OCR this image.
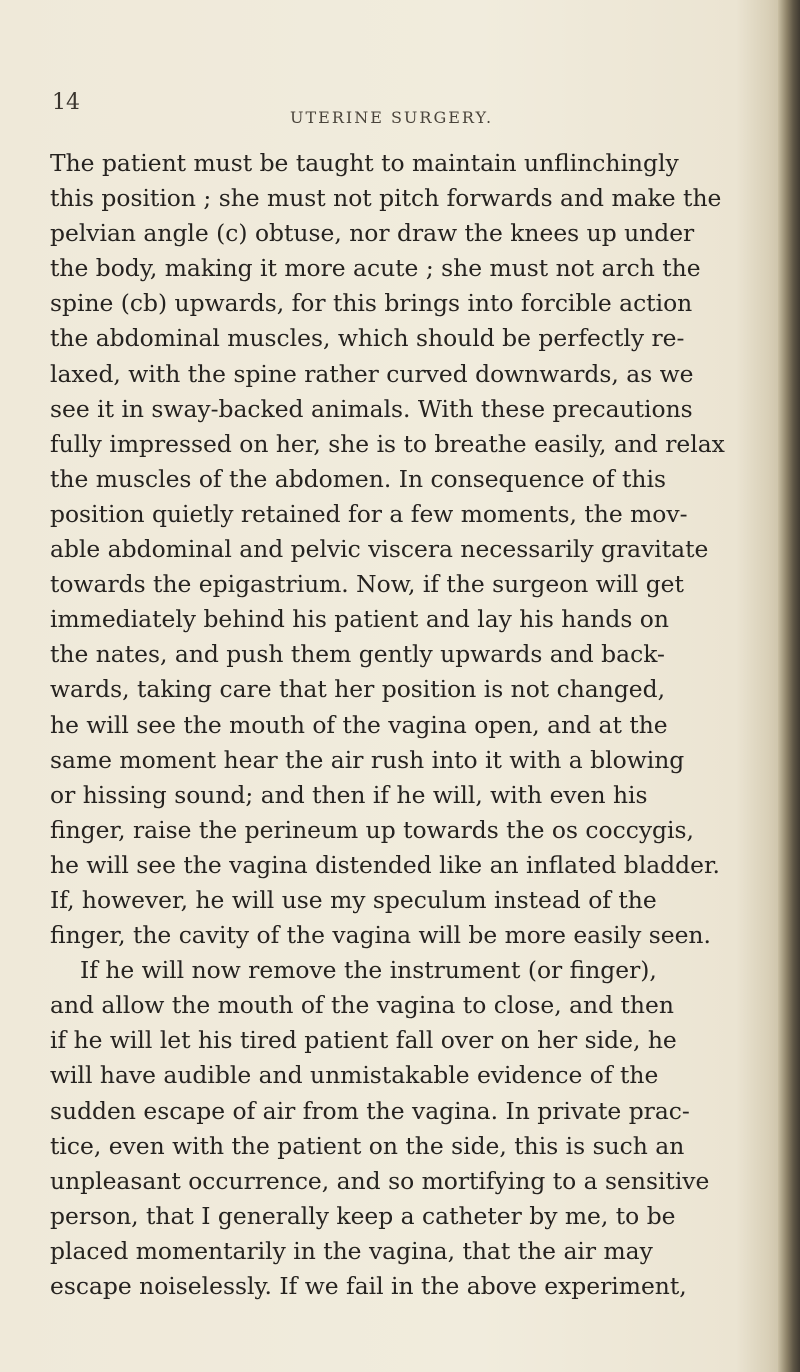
14
UTERINE SURGERY.
The patient must be taught to maintain unflinchingly
this position ; she must not pitch forwards and make the
pelvian angle (c) obtuse, nor draw the knees up under
the body, making it more acute ; she must not arch the
spine (cb) upwards, for this brings into forcible action
the abdominal muscles, which should be perfectly re-
laxed, with the spine rather curved downwards, as we
see it in sway-backed animals. With these precautions
fully impressed on her, she is to breathe easily, and relax
the muscles of the abdomen. In consequence of this
position quietly retained for a few moments, the mov-
able abdominal and pelvic viscera necessarily gravitate
towards the epigastrium. Now, if the surgeon will get
immediately behind his patient and lay his hands on
the nates, and push them gently upwards and back-
wards, taking care that her position is not changed,
he will see the mouth of the vagina open, and at the
same moment hear the air rush into it with a blowing
or hissing sound; and then if he will, with even his
finger, raise the perineum up towards the os coccygis,
he will see the vagina distended like an inflated bladder.
If, however, he will use my speculum instead of the
finger, the cavity of the vagina will be more easily seen.
If he will now remove the instrument (or finger),
and allow the mouth of the vagina to close, and then
if he will let his tired patient fall over on her side, he
will have audible and unmistakable evidence of the
sudden escape of air from the vagina. In private prac-
tice, even with the patient on the side, this is such an
unpleasant occurrence, and so mortifying to a sensitive
person, that I generally keep a catheter by me, to be
placed momentarily in the vagina, that the air may
escape noiselessly. If we fail in the above experiment,
